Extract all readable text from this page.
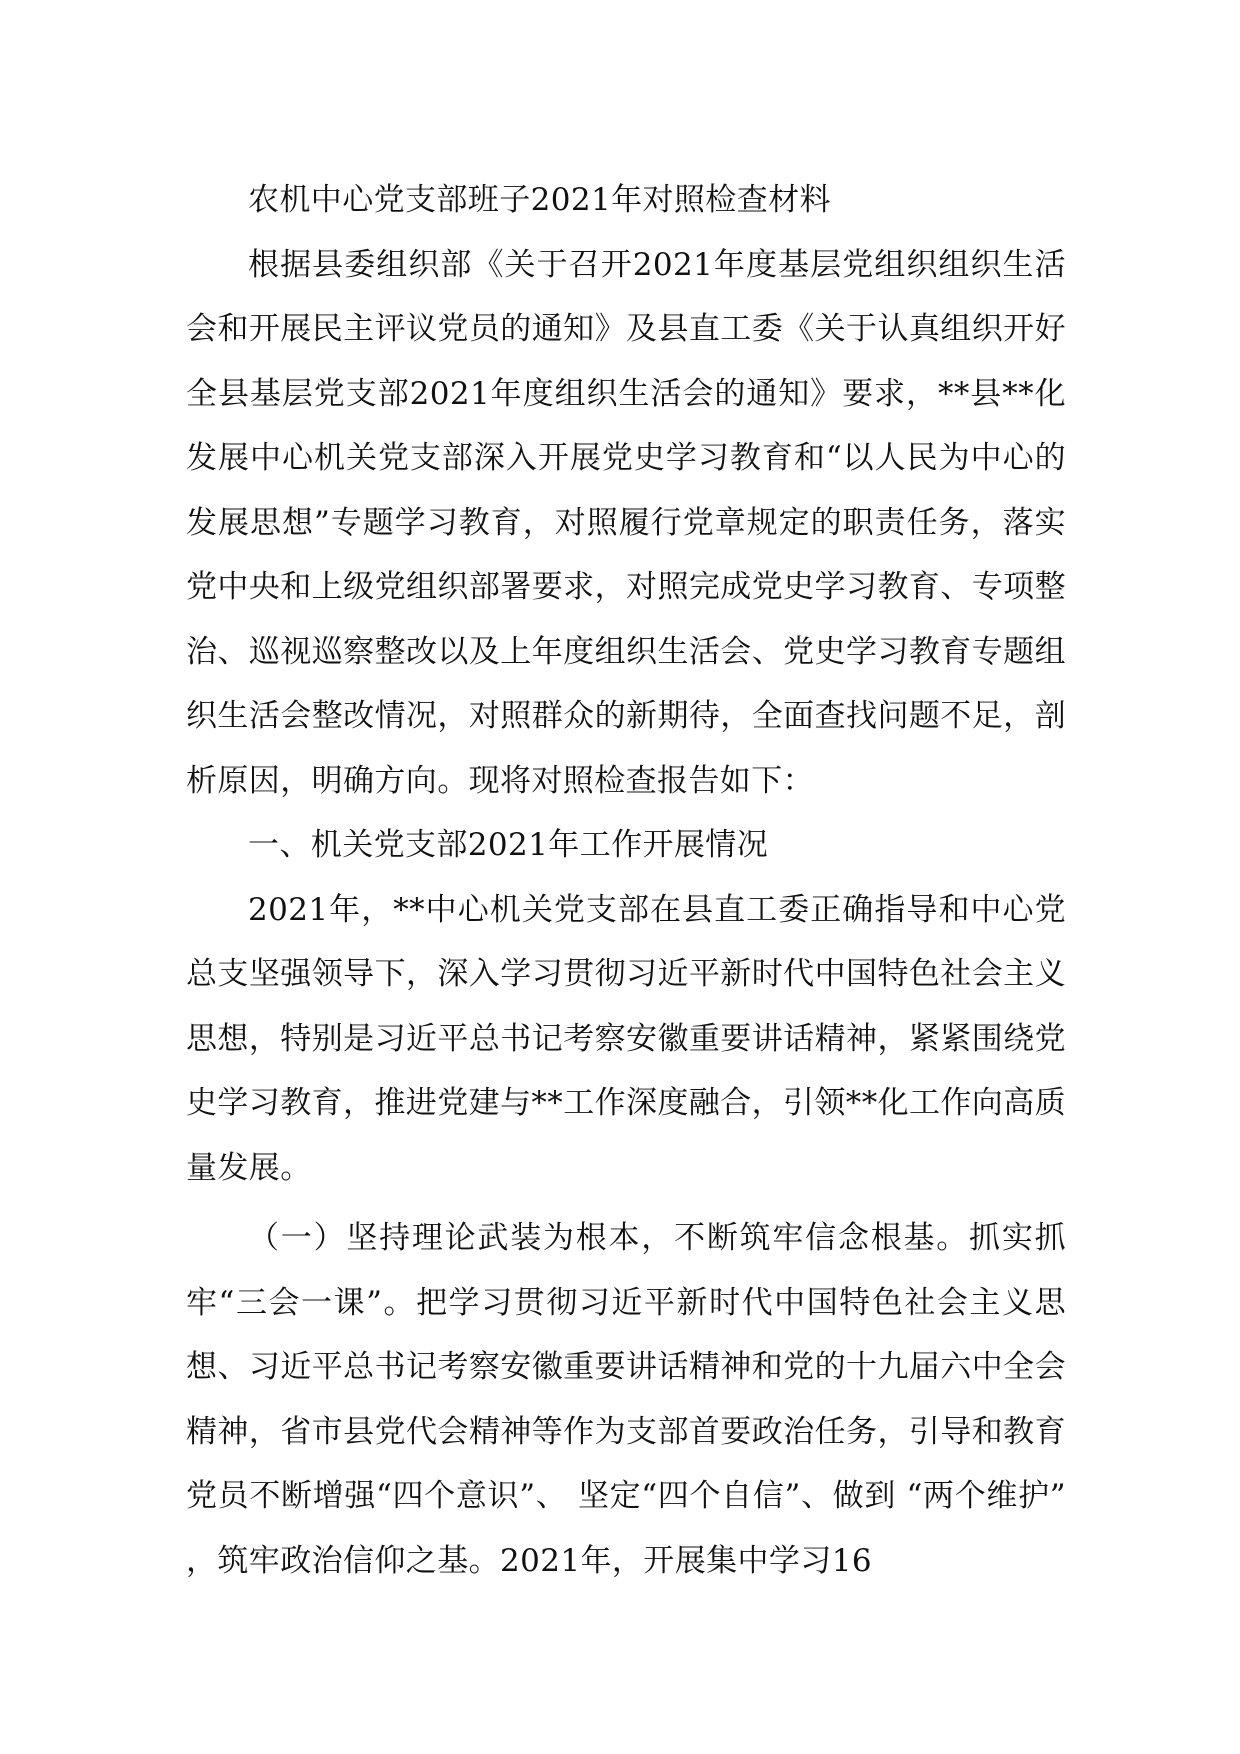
农机中心党支部班子2021年对照检查材料

根据县委组织部《关于召开2021年度基层党组织组织生活会和开展民主评议党员的通知》及县直工委《关于认真组织开好全县基层党支部2021年度组织生活会的通知》要求，**县**化发展中心机关党支部深入开展党史学习教育和“以人民为中心的发展思想”专题学习教育，对照履行党章规定的职责任务，落实党中央和上级党组织部署要求，对照完成党史学习教育、专项整治、巡视巡察整改以及上年度组织生活会、党史学习教育专题组织生活会整改情况，对照群众的新期待，全面查找问题不足，剖析原因，明确方向。现将对照检查报告如下：

一、机关党支部2021年工作开展情况

2021年，**中心机关党支部在县直工委正确指导和中心党总支坚强领导下，深入学习贯彻习近平新时代中国特色社会主义思想，特别是习近平总书记考察安徽重要讲话精神，紧紧围绕党史学习教育，推进党建与**工作深度融合，引领**化工作向高质量发展。

（一）坚持理论武装为根本，不断筑牢信念根基。抓实抓牢“三会一课”。把学习贯彻习近平新时代中国特色社会主义思想、习近平总书记考察安徽重要讲话精神和党的十九届六中全会精神，省市县党代会精神等作为支部首要政治任务，引导和教育党员不断增强“四个意识”、 坚定“四个自信”、做到 “两个维护” ，筑牢政治信仰之基。2021年，开展集中学习16
